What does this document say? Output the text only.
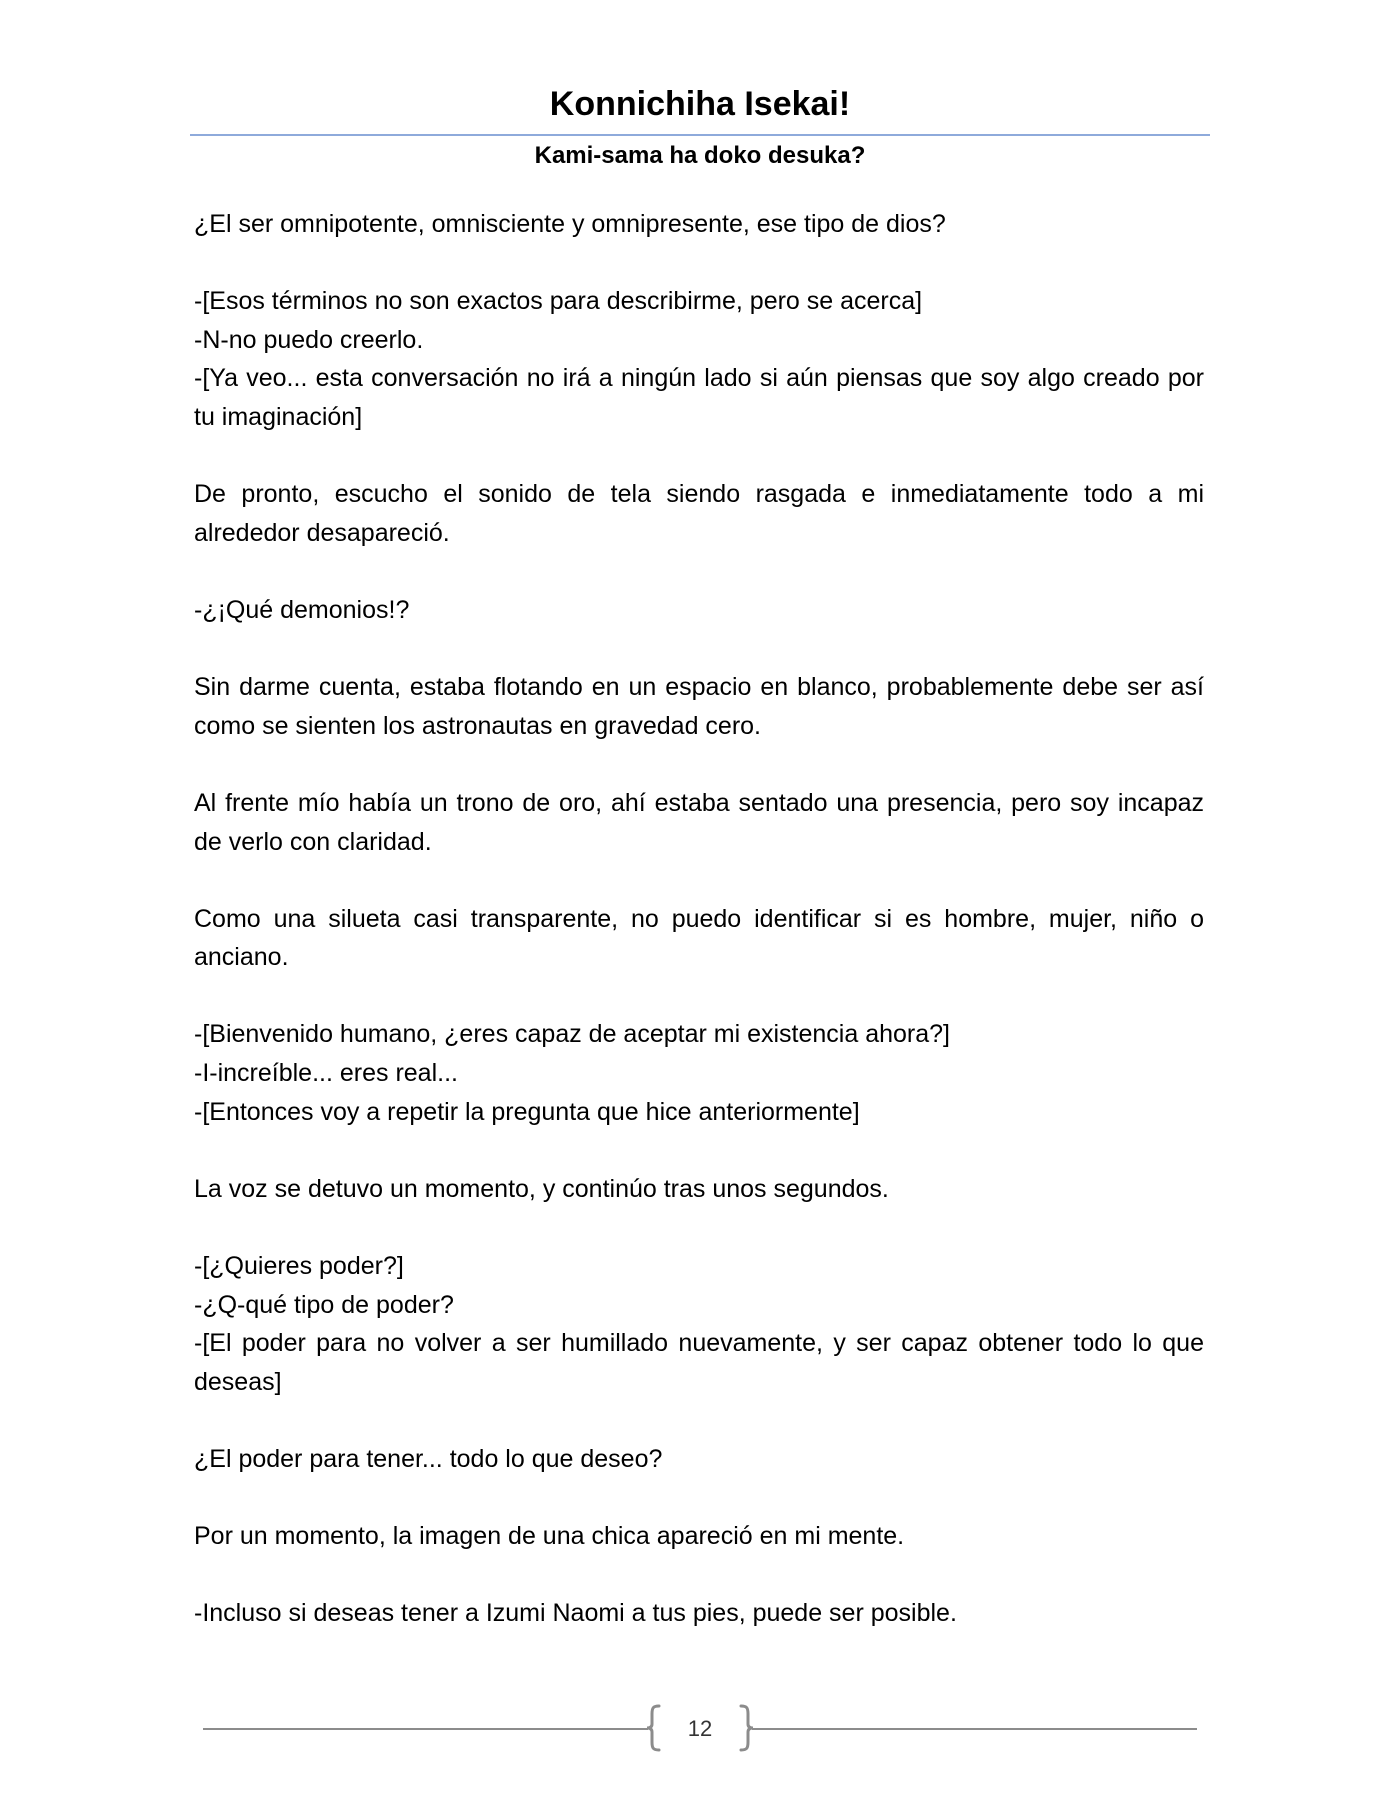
Konnichiha Isekai!
Kami-sama ha doko desuka?

¿El ser omnipotente, omnisciente y omnipresente, ese tipo de dios?

-[Esos términos no son exactos para describirme, pero se acerca]

-N-no puedo creerlo.

-[Ya veo... esta conversación no irá a ningún lado si aún piensas que soy algo creado por tu imaginación]

De pronto, escucho el sonido de tela siendo rasgada e inmediatamente todo a mi alrededor desapareció.

-¿¡Qué demonios!?

Sin darme cuenta, estaba flotando en un espacio en blanco, probablemente debe ser así como se sienten los astronautas en gravedad cero.

Al frente mío había un trono de oro, ahí estaba sentado una presencia, pero soy incapaz de verlo con claridad.

Como una silueta casi transparente, no puedo identificar si es hombre, mujer, niño o anciano.

-[Bienvenido humano, ¿eres capaz de aceptar mi existencia ahora?]

-I-increíble... eres real...

-[Entonces voy a repetir la pregunta que hice anteriormente]

La voz se detuvo un momento, y continúo tras unos segundos.

-[¿Quieres poder?]

-¿Q-qué tipo de poder?

-[El poder para no volver a ser humillado nuevamente, y ser capaz obtener todo lo que deseas]

¿El poder para tener... todo lo que deseo?

Por un momento, la imagen de una chica apareció en mi mente.

-Incluso si deseas tener a Izumi Naomi a tus pies, puede ser posible.

12
